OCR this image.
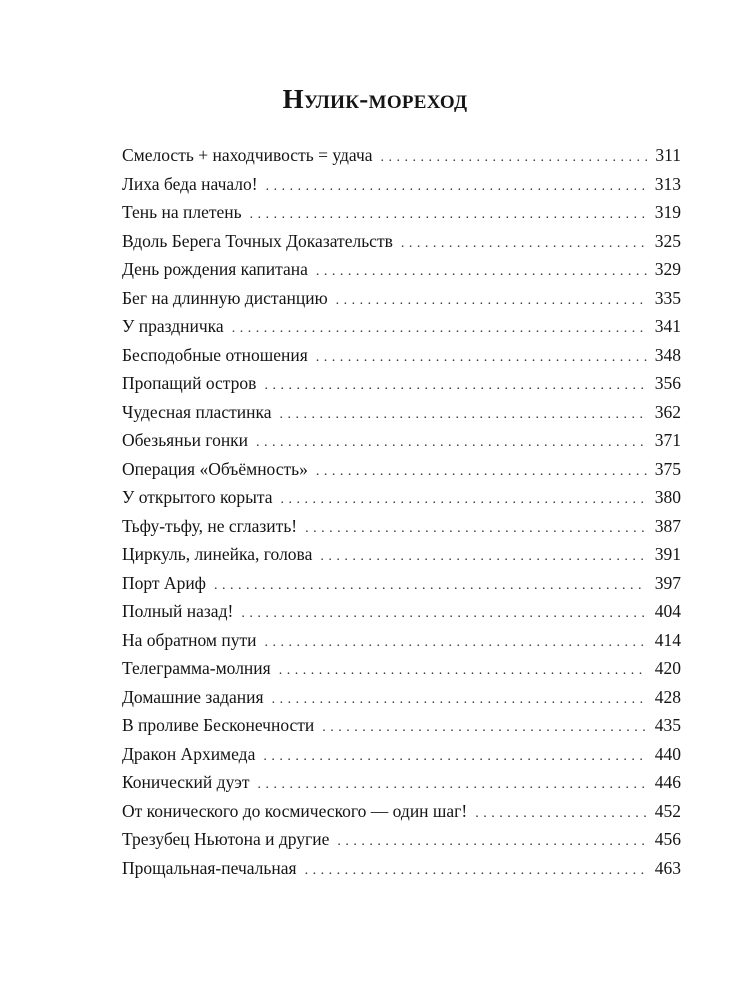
Нулик-мореход
Смелость + находчивость = удача . . .	311
Лиха беда начало! . . .	313
Тень на плетень . . .	319
Вдоль Берега Точных Доказательств . . .	325
День рождения капитана . . .	329
Бег на длинную дистанцию . . .	335
У праздничка . . .	341
Бесподобные отношения . . .	348
Пропащий остров . . .	356
Чудесная пластинка . . .	362
Обезьяньи гонки . . .	371
Операция «Объёмность» . . .	375
У открытого корыта . . .	380
Тьфу-тьфу, не сглазить! . . .	387
Циркуль, линейка, голова . . .	391
Порт Ариф . . .	397
Полный назад! . . .	404
На обратном пути . . .	414
Телеграмма-молния . . .	420
Домашние задания . . .	428
В проливе Бесконечности . . .	435
Дракон Архимеда . . .	440
Конический дуэт . . .	446
От конического до космического — один шаг! . . .	452
Трезубец Ньютона и другие . . .	456
Прощальная-печальная . . .	463
